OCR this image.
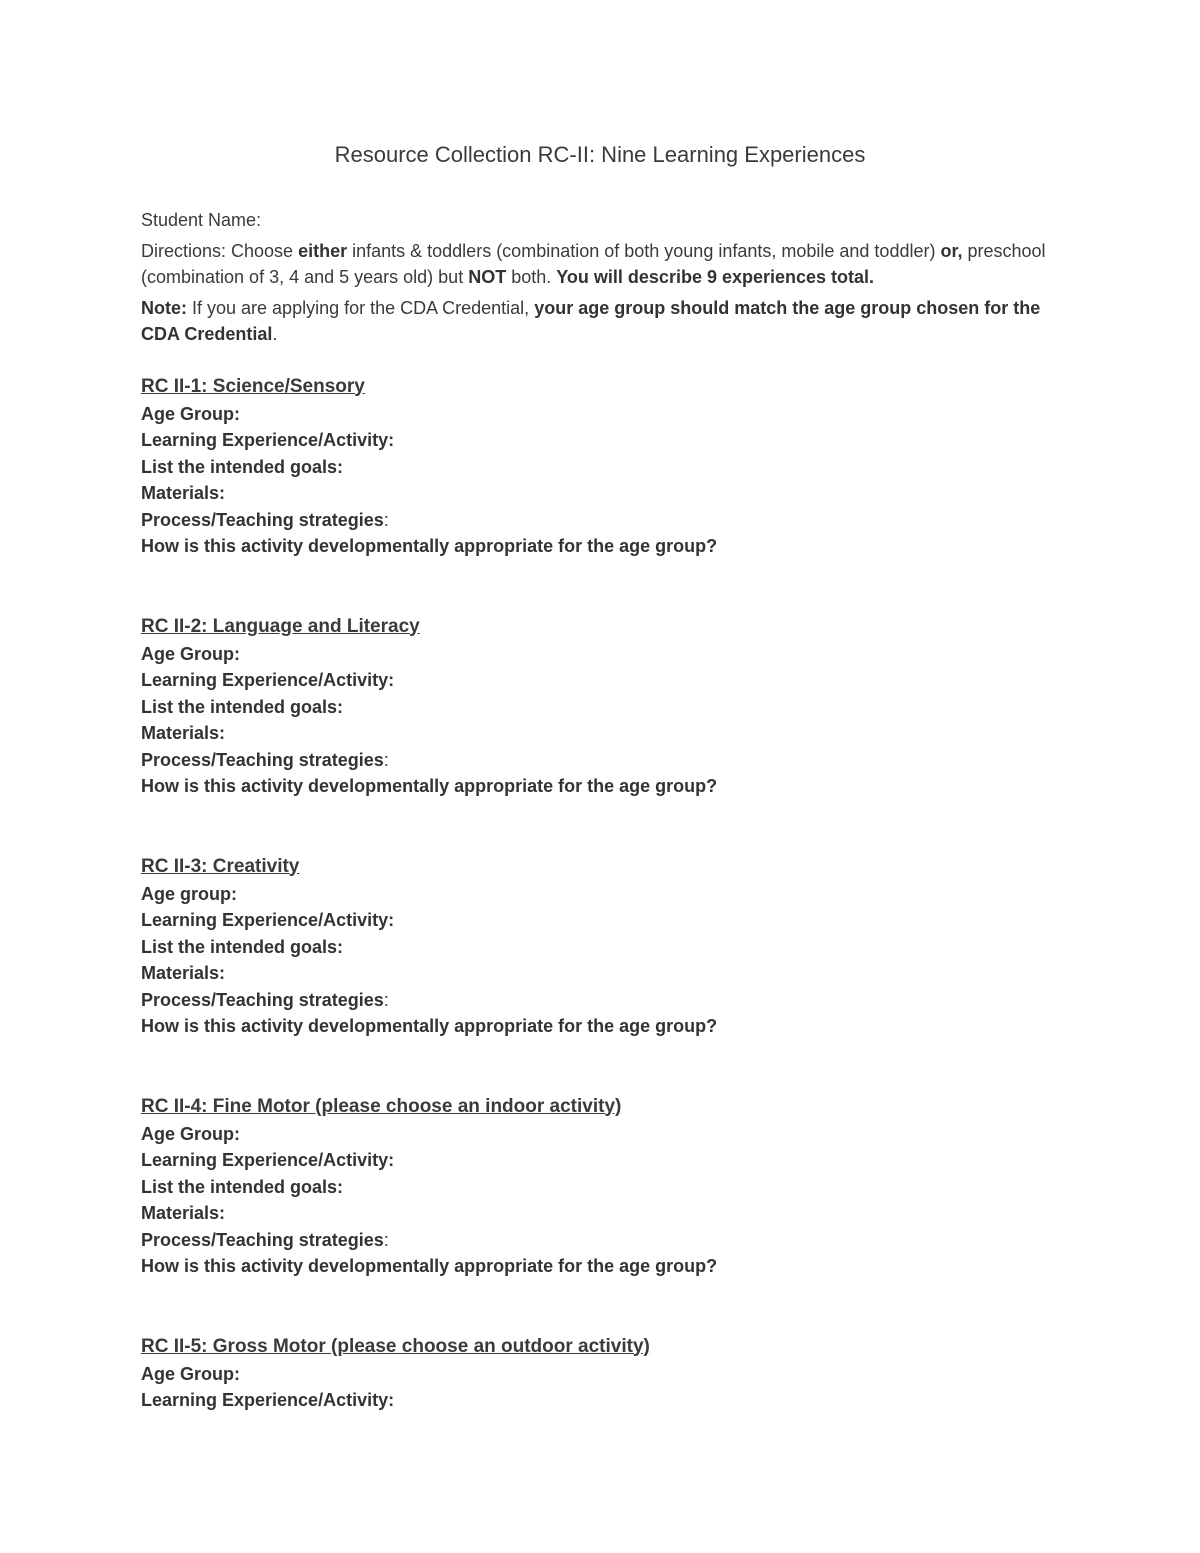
Resource Collection RC-II: Nine Learning Experiences

Student Name:

Directions: Choose either infants & toddlers (combination of both young infants, mobile and toddler) or, preschool (combination of 3, 4 and 5 years old) but NOT both. You will describe 9 experiences total.

Note: If you are applying for the CDA Credential, your age group should match the age group chosen for the CDA Credential.

RC II-1: Science/Sensory

Age Group:

Learning Experience/Activity:

List the intended goals:

Materials:

Process/Teaching strategies:

How is this activity developmentally appropriate for the age group?

RC II-2: Language and Literacy

Age Group:

Learning Experience/Activity:

List the intended goals:

Materials:

Process/Teaching strategies:

How is this activity developmentally appropriate for the age group?

RC II-3: Creativity

Age group:

Learning Experience/Activity:

List the intended goals:

Materials:

Process/Teaching strategies:

How is this activity developmentally appropriate for the age group?

RC II-4: Fine Motor (please choose an indoor activity)

Age Group:

Learning Experience/Activity:

List the intended goals:

Materials:

Process/Teaching strategies:

How is this activity developmentally appropriate for the age group?

RC II-5: Gross Motor (please choose an outdoor activity)

Age Group:

Learning Experience/Activity:
